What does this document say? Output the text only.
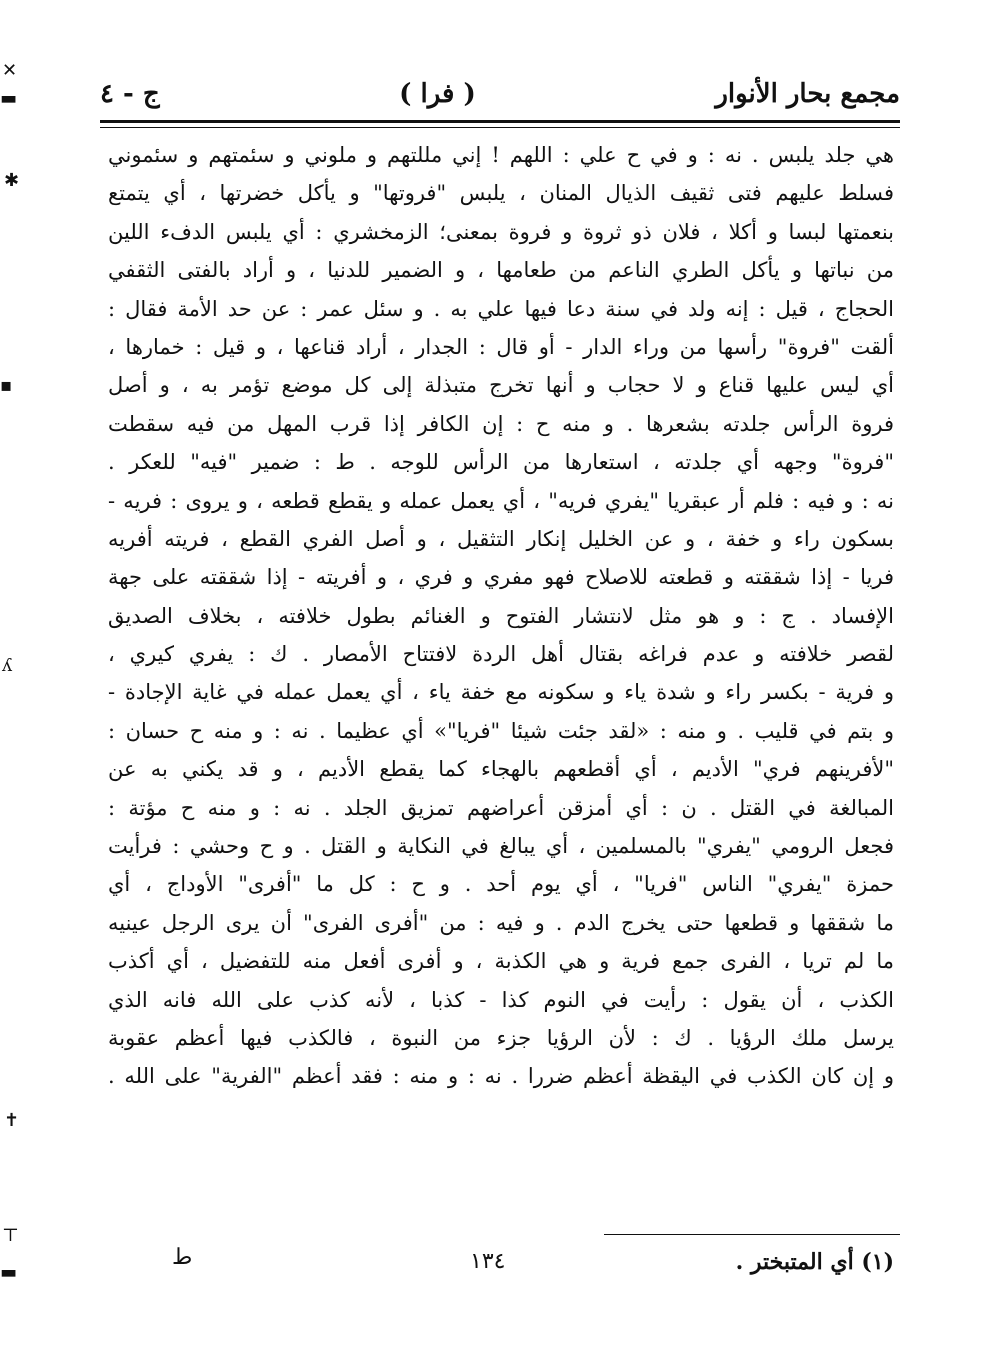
مجمع بحار الأنوار
( فرا )
ج - ٤
هي جلد يلبس . نه : و في ح علي : اللهم ! إني مللتهم و ملوني و سئمتهم و سئموني
فسلط عليهم فتى ثقيف الذيال المنان ، يلبس "فروتها" و يأكل خضرتها ، أي يتمتع
بنعمتها لبسا و أكلا ، فلان ذو ثروة و فروة بمعنى؛ الزمخشري : أي يلبس الدفء اللين
من نباتها و يأكل الطري الناعم من طعامها ، و الضمير للدنيا ، و أراد بالفتى الثقفي
الحجاج ، قيل : إنه ولد في سنة دعا فيها علي به . و سئل عمر : عن حد الأمة فقال :
ألقت "فروة" رأسها من وراء الدار - أو قال : الجدار ، أراد قناعها ، و قيل : خمارها ،
أي ليس عليها قناع و لا حجاب و أنها تخرج متبذلة إلى كل موضع تؤمر به ، و أصل
فروة الرأس جلدته بشعرها . و منه ح : إن الكافر إذا قرب المهل من فيه سقطت
"فروة" وجهه أي جلدته ، استعارها من الرأس للوجه . ط : ضمير "فيه" للعكر .
نه : و فيه : فلم أر عبقريا "يفري فريه" ، أي يعمل عمله و يقطع قطعه ، و يروى : فريه -
بسكون راء و خفة ، و عن الخليل إنكار التثقيل ، و أصل الفري القطع ، فريته أفريه
فريا - إذا شققته و قطعته للاصلاح فهو مفري و فري ، و أفريته - إذا شققته على جهة
الإفساد . ج : و هو مثل لانتشار الفتوح و الغنائم بطول خلافته ، بخلاف الصديق
لقصر خلافته و عدم فراغه بقتال أهل الردة لافتتاح الأمصار . ك : يفري كيري ،
و فرية - بكسر راء و شدة ياء و سكونه مع خفة ياء ، أي يعمل عمله في غاية الإجادة -
و بتم في قليب . و منه : «لقد جئت شيئا "فريا"» أي عظيما . نه : و منه ح حسان :
"لأفرينهم فري" الأديم ، أي أقطعهم بالهجاء كما يقطع الأديم ، و قد يكني به عن
المبالغة في القتل . ن : أي أمزقن أعراضهم تمزيق الجلد . نه : و منه ح مؤتة :
فجعل الرومي "يفري" بالمسلمين ، أي يبالغ في النكاية و القتل . و ح وحشي : فرأيت
حمزة "يفري" الناس "فريا" ، أي يوم أحد . و ح : كل ما "أفرى" الأوداج ، أي
ما شققها و قطعها حتى يخرج الدم . و فيه : من "أفرى الفرى" أن يرى الرجل عينيه
ما لم تريا ، الفرى جمع فرية و هي الكذبة ، و أفرى أفعل منه للتفضيل ، أي أكذب
الكذب ، أن يقول : رأيت في النوم كذا - كذبا ، لأنه كذب على الله فانه الذي
يرسل ملك الرؤيا . ك : لأن الرؤيا جزء من النبوة ، فالكذب فيها أعظم عقوبة
و إن كان الكذب في اليقظة أعظم ضررا . نه : و منه : فقد أعظم "الفرية" على الله .
(١) أي المتبختر .
١٣٤
ط
✕
▬
✱
▪
ʎ
✝
⊤
▬
